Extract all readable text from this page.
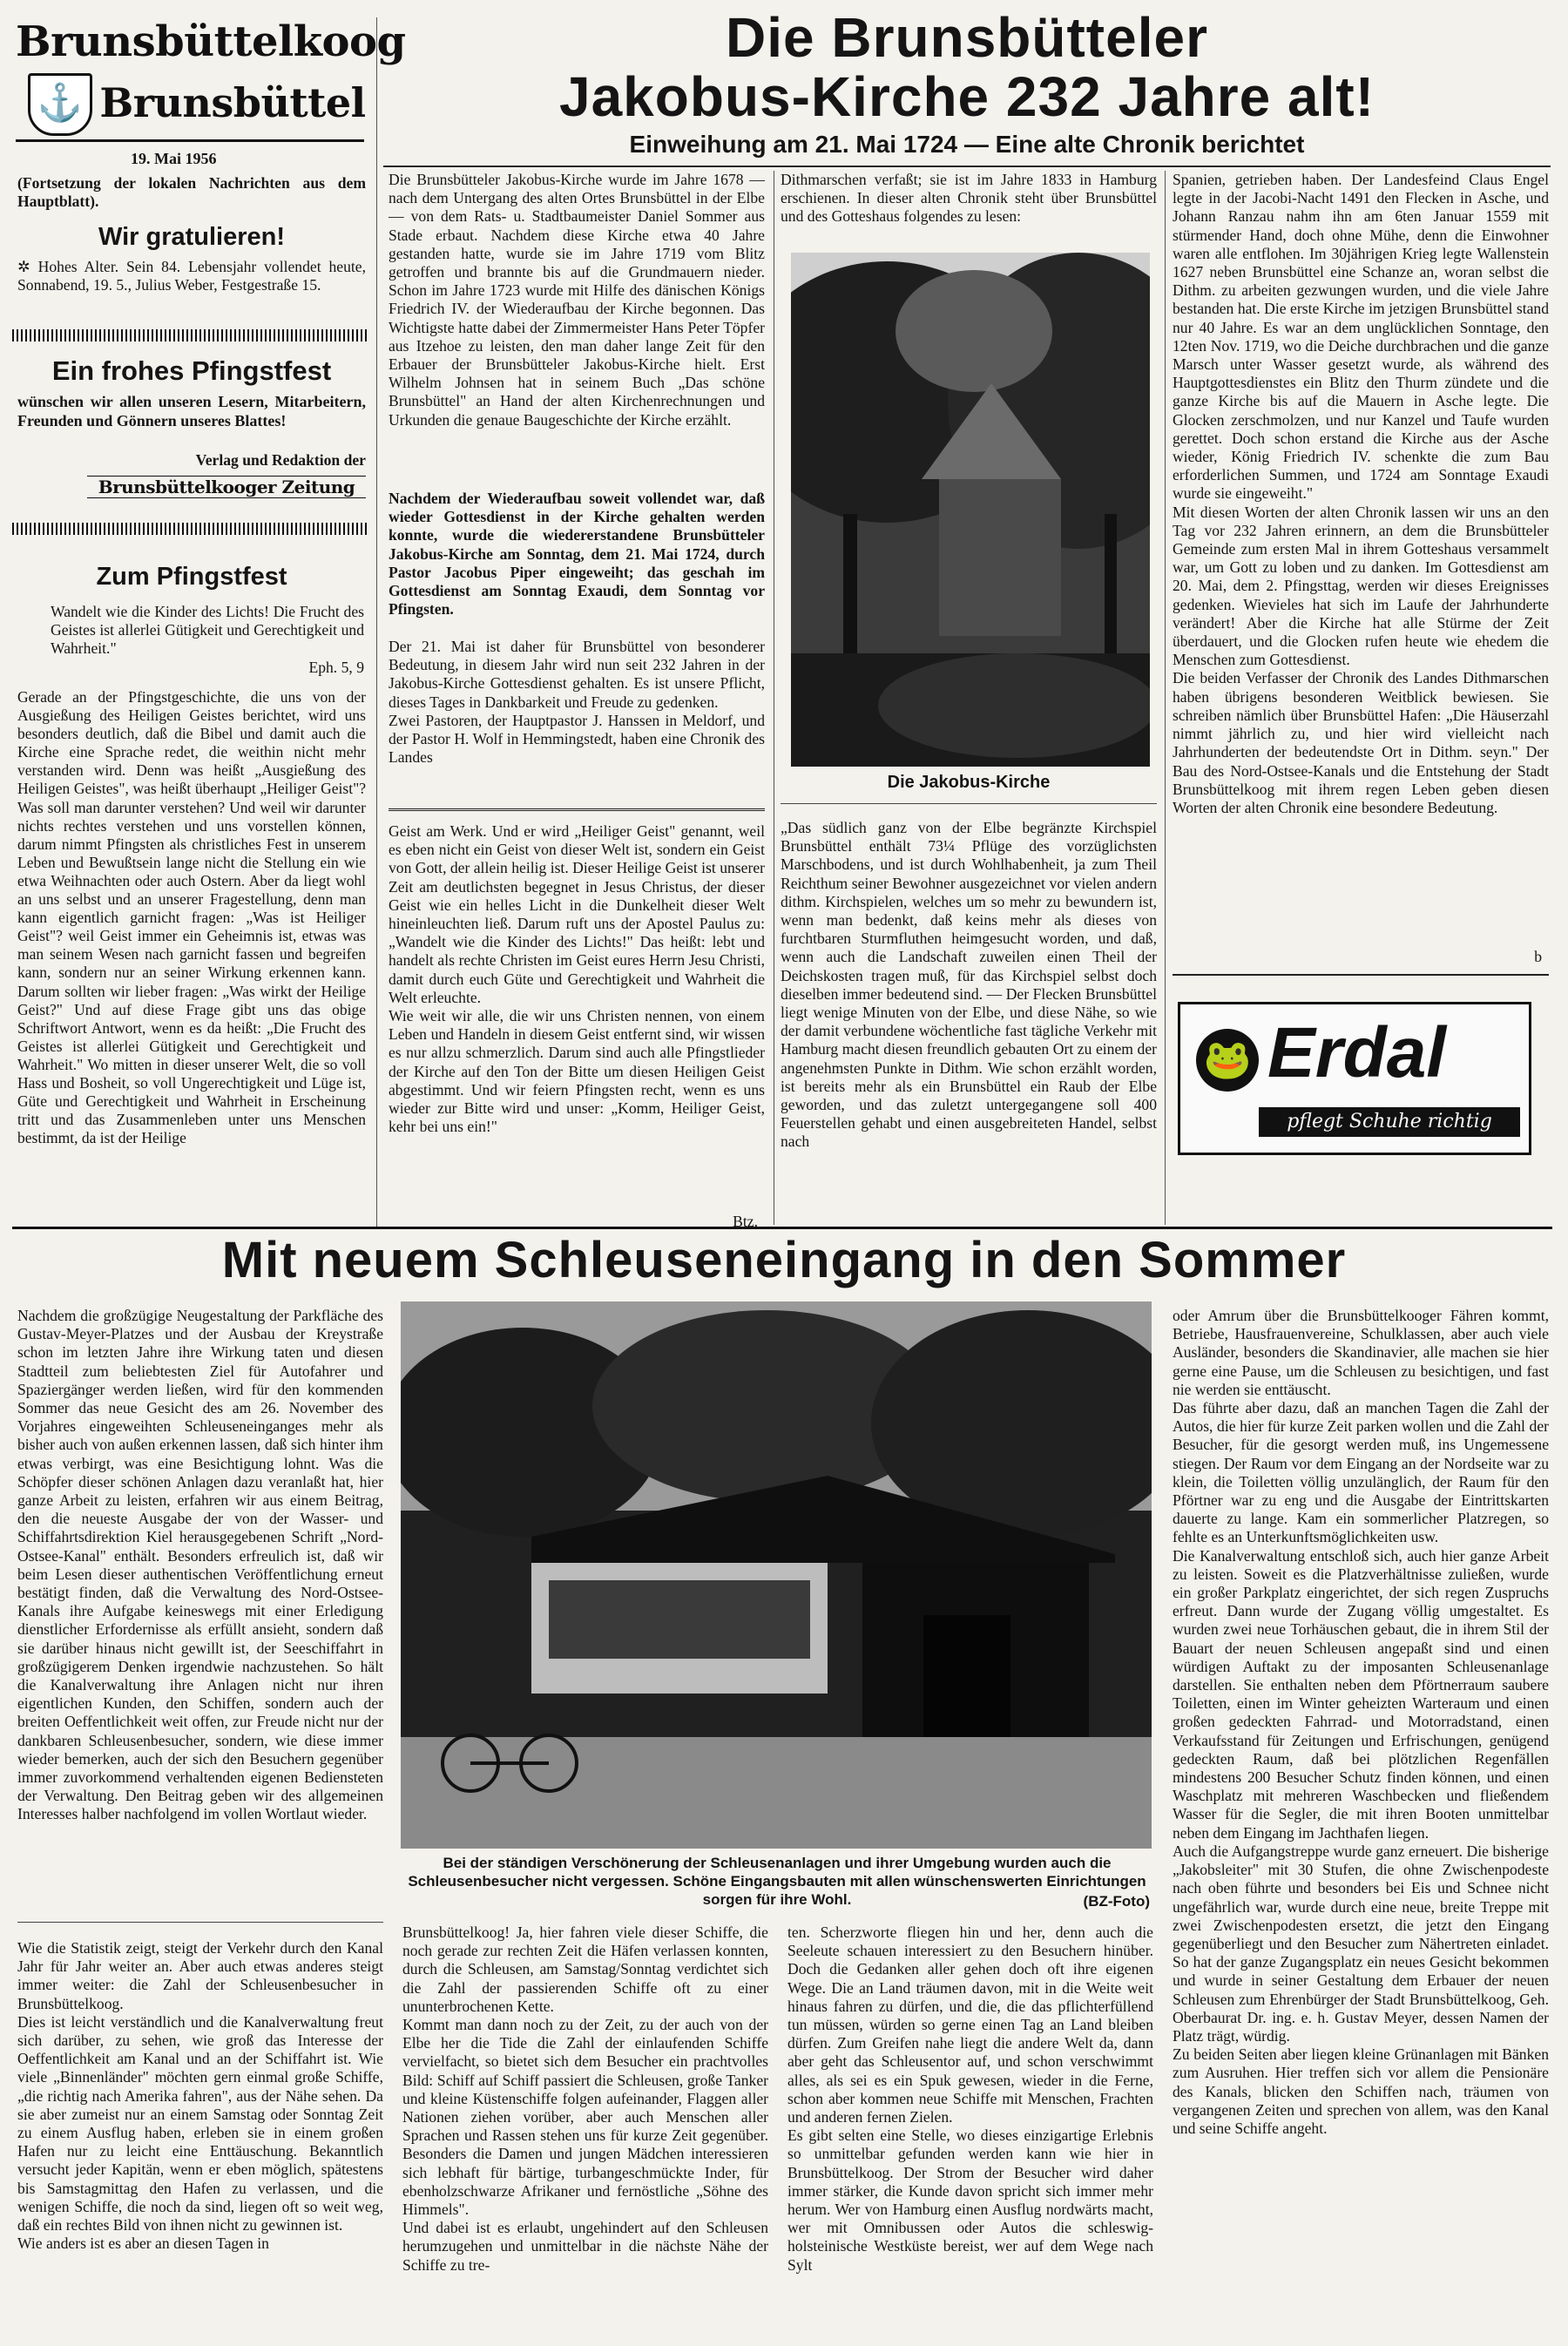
Brunsbüttelkoog
⚓ Brunsbüttel
19. Mai 1956
(Fortsetzung der lokalen Nachrichten aus dem Hauptblatt).
Wir gratulieren!
✲ Hohes Alter. Sein 84. Lebensjahr vollendet heute, Sonnabend, 19. 5., Julius Weber, Festgestraße 15.
Ein frohes Pfingstfest
wünschen wir allen unseren Lesern, Mitarbeitern, Freunden und Gönnern unseres Blattes!
Verlag und Redaktion der
Brunsbüttelkooger Zeitung
Zum Pfingstfest
Wandelt wie die Kinder des Lichts! Die Frucht des Geistes ist allerlei Gütigkeit und Gerechtigkeit und Wahrheit."
Eph. 5, 9
Gerade an der Pfingstgeschichte, die uns von der Ausgießung des Heiligen Geistes berichtet, wird uns besonders deutlich, daß die Bibel und damit auch die Kirche eine Sprache redet, die weithin nicht mehr verstanden wird. Denn was heißt „Ausgießung des Heiligen Geistes", was heißt überhaupt „Heiliger Geist"? Was soll man darunter verstehen? Und weil wir darunter nichts rechtes verstehen und uns vorstellen können, darum nimmt Pfingsten als christliches Fest in unserem Leben und Bewußtsein lange nicht die Stellung ein wie etwa Weihnachten oder auch Ostern. Aber da liegt wohl an uns selbst und an unserer Fragestellung, denn man kann eigentlich garnicht fragen: „Was ist Heiliger Geist"? weil Geist immer ein Geheimnis ist, etwas was man seinem Wesen nach garnicht fassen und begreifen kann, sondern nur an seiner Wirkung erkennen kann. Darum sollten wir lieber fragen: „Was wirkt der Heilige Geist?" Und auf diese Frage gibt uns das obige Schriftwort Antwort, wenn es da heißt: „Die Frucht des Geistes ist allerlei Gütigkeit und Gerechtigkeit und Wahrheit." Wo mitten in dieser unserer Welt, die so voll Hass und Bosheit, so voll Ungerechtigkeit und Lüge ist, Güte und Gerechtigkeit und Wahrheit in Erscheinung tritt und das Zusammenleben unter uns Menschen bestimmt, da ist der Heilige
Die Brunsbütteler
Jakobus-Kirche 232 Jahre alt!
Einweihung am 21. Mai 1724 — Eine alte Chronik berichtet
Die Brunsbütteler Jakobus-Kirche wurde im Jahre 1678 — nach dem Untergang des alten Ortes Brunsbüttel in der Elbe — von dem Rats- u. Stadtbaumeister Daniel Sommer aus Stade erbaut. Nachdem diese Kirche etwa 40 Jahre gestanden hatte, wurde sie im Jahre 1719 vom Blitz getroffen und brannte bis auf die Grundmauern nieder. Schon im Jahre 1723 wurde mit Hilfe des dänischen Königs Friedrich IV. der Wiederaufbau der Kirche begonnen. Das Wichtigste hatte dabei der Zimmermeister Hans Peter Töpfer aus Itzehoe zu leisten, den man daher lange Zeit für den Erbauer der Brunsbütteler Jakobus-Kirche hielt. Erst Wilhelm Johnsen hat in seinem Buch „Das schöne Brunsbüttel" an Hand der alten Kirchenrechnungen und Urkunden die genaue Baugeschichte der Kirche erzählt.
Nachdem der Wiederaufbau soweit vollendet war, daß wieder Gottesdienst in der Kirche gehalten werden konnte, wurde die wiedererstandene Brunsbütteler Jakobus-Kirche am Sonntag, dem 21. Mai 1724, durch Pastor Jacobus Piper eingeweiht; das geschah im Gottesdienst am Sonntag Exaudi, dem Sonntag vor Pfingsten.
Der 21. Mai ist daher für Brunsbüttel von besonderer Bedeutung, in diesem Jahr wird nun seit 232 Jahren in der Jakobus-Kirche Gottesdienst gehalten. Es ist unsere Pflicht, dieses Tages in Dankbarkeit und Freude zu gedenken.
Zwei Pastoren, der Hauptpastor J. Hanssen in Meldorf, und der Pastor H. Wolf in Hemmingstedt, haben eine Chronik des Landes
Dithmarschen verfaßt; sie ist im Jahre 1833 in Hamburg erschienen. In dieser alten Chronik steht über Brunsbüttel und des Gotteshaus folgendes zu lesen:
Die Jakobus-Kirche
„Das südlich ganz von der Elbe begränzte Kirchspiel Brunsbüttel enthält 73¼ Pflüge des vorzüglichsten Marschbodens, und ist durch Wohlhabenheit, ja zum Theil Reichthum seiner Bewohner ausgezeichnet vor vielen andern dithm. Kirchspielen, welches um so mehr zu bewundern ist, wenn man bedenkt, daß keins mehr als dieses von furchtbaren Sturmfluthen heimgesucht worden, und daß, wenn auch die Landschaft zuweilen einen Theil der Deichskosten tragen muß, für das Kirchspiel selbst doch dieselben immer bedeutend sind. — Der Flecken Brunsbüttel liegt wenige Minuten von der Elbe, und diese Nähe, so wie der damit verbundene wöchentliche fast tägliche Verkehr mit Hamburg macht diesen freundlich gebauten Ort zu einem der angenehmsten Punkte in Dithm. Wie schon erzählt worden, ist bereits mehr als ein Brunsbüttel ein Raub der Elbe geworden, und das zuletzt untergegangene soll 400 Feuerstellen gehabt und einen ausgebreiteten Handel, selbst nach
Spanien, getrieben haben. Der Landesfeind Claus Engel legte in der Jacobi-Nacht 1491 den Flecken in Asche, und Johann Ranzau nahm ihn am 6ten Januar 1559 mit stürmender Hand, doch ohne Mühe, denn die Einwohner waren alle entflohen. Im 30jährigen Krieg legte Wallenstein 1627 neben Brunsbüttel eine Schanze an, woran selbst die Dithm. zu arbeiten gezwungen wurden, und die viele Jahre bestanden hat. Die erste Kirche im jetzigen Brunsbüttel stand nur 40 Jahre. Es war an dem unglücklichen Sonntage, den 12ten Nov. 1719, wo die Deiche durchbrachen und die ganze Marsch unter Wasser gesetzt wurde, als während des Hauptgottesdienstes ein Blitz den Thurm zündete und die ganze Kirche bis auf die Mauern in Asche legte. Die Glocken zerschmolzen, und nur Kanzel und Taufe wurden gerettet. Doch schon erstand die Kirche aus der Asche wieder, König Friedrich IV. schenkte die zum Bau erforderlichen Summen, und 1724 am Sonntage Exaudi wurde sie eingeweiht."
Mit diesen Worten der alten Chronik lassen wir uns an den Tag vor 232 Jahren erinnern, an dem die Brunsbütteler Gemeinde zum ersten Mal in ihrem Gotteshaus versammelt war, um Gott zu loben und zu danken. Im Gottesdienst am 20. Mai, dem 2. Pfingsttag, werden wir dieses Ereignisses gedenken. Wievieles hat sich im Laufe der Jahrhunderte verändert! Aber die Kirche hat alle Stürme der Zeit überdauert, und die Glocken rufen heute wie ehedem die Menschen zum Gottesdienst.
Die beiden Verfasser der Chronik des Landes Dithmarschen haben übrigens besonderen Weitblick bewiesen. Sie schreiben nämlich über Brunsbüttel Hafen: „Die Häuserzahl nimmt jährlich zu, und hier wird vielleicht nach Jahrhunderten der bedeutendste Ort in Dithm. seyn." Der Bau des Nord-Ostsee-Kanals und die Entstehung der Stadt Brunsbüttelkoog mit ihrem regen Leben geben diesen Worten der alten Chronik eine besondere Bedeutung.
b
Geist am Werk. Und er wird „Heiliger Geist" genannt, weil es eben nicht ein Geist von dieser Welt ist, sondern ein Geist von Gott, der allein heilig ist. Dieser Heilige Geist ist unserer Zeit am deutlichsten begegnet in Jesus Christus, der dieser Geist wie ein helles Licht in die Dunkelheit dieser Welt hineinleuchten ließ. Darum ruft uns der Apostel Paulus zu: „Wandelt wie die Kinder des Lichts!" Das heißt: lebt und handelt als rechte Christen im Geist eures Herrn Jesu Christi, damit durch euch Güte und Gerechtigkeit und Wahrheit die Welt erleuchte.
Wie weit wir alle, die wir uns Christen nennen, von einem Leben und Handeln in diesem Geist entfernt sind, wir wissen es nur allzu schmerzlich. Darum sind auch alle Pfingstlieder der Kirche auf den Ton der Bitte um diesen Heiligen Geist abgestimmt. Und wir feiern Pfingsten recht, wenn es uns wieder zur Bitte wird und unser: „Komm, Heiliger Geist, kehr bei uns ein!"
Btz.
🐸 Erdal
pflegt Schuhe richtig
Mit neuem Schleuseneingang in den Sommer
Nachdem die großzügige Neugestaltung der Parkfläche des Gustav-Meyer-Platzes und der Ausbau der Kreystraße schon im letzten Jahre ihre Wirkung taten und diesen Stadtteil zum beliebtesten Ziel für Autofahrer und Spaziergänger werden ließen, wird für den kommenden Sommer das neue Gesicht des am 26. November des Vorjahres eingeweihten Schleuseneinganges mehr als bisher auch von außen erkennen lassen, daß sich hinter ihm etwas verbirgt, was eine Besichtigung lohnt. Was die Schöpfer dieser schönen Anlagen dazu veranlaßt hat, hier ganze Arbeit zu leisten, erfahren wir aus einem Beitrag, den die neueste Ausgabe der von der Wasser- und Schiffahrtsdirektion Kiel herausgegebenen Schrift „Nord-Ostsee-Kanal" enthält. Besonders erfreulich ist, daß wir beim Lesen dieser authentischen Veröffentlichung erneut bestätigt finden, daß die Verwaltung des Nord-Ostsee-Kanals ihre Aufgabe keineswegs mit einer Erledigung dienstlicher Erfordernisse als erfüllt ansieht, sondern daß sie darüber hinaus nicht gewillt ist, der Seeschiffahrt in großzügigerem Denken irgendwie nachzustehen. So hält die Kanalverwaltung ihre Anlagen nicht nur ihren eigentlichen Kunden, den Schiffen, sondern auch der breiten Oeffentlichkeit weit offen, zur Freude nicht nur der dankbaren Schleusenbesucher, sondern, wie diese immer wieder bemerken, auch der sich den Besuchern gegenüber immer zuvorkommend verhaltenden eigenen Bediensteten der Verwaltung. Den Beitrag geben wir des allgemeinen Interesses halber nachfolgend im vollen Wortlaut wieder.
Bei der ständigen Verschönerung der Schleusenanlagen und ihrer Umgebung wurden auch die Schleusenbesucher nicht vergessen. Schöne Eingangsbauten mit allen wünschenswerten Einrichtungen sorgen für ihre Wohl.	(BZ-Foto)
oder Amrum über die Brunsbüttelkooger Fähren kommt, Betriebe, Hausfrauenvereine, Schulklassen, aber auch viele Ausländer, besonders die Skandinavier, alle machen sie hier gerne eine Pause, um die Schleusen zu besichtigen, und fast nie werden sie enttäuscht.
Das führte aber dazu, daß an manchen Tagen die Zahl der Autos, die hier für kurze Zeit parken wollen und die Zahl der Besucher, für die gesorgt werden muß, ins Ungemessene stiegen. Der Raum vor dem Eingang an der Nordseite war zu klein, die Toiletten völlig unzulänglich, der Raum für den Pförtner war zu eng und die Ausgabe der Eintrittskarten dauerte zu lange. Kam ein sommerlicher Platzregen, so fehlte es an Unterkunftsmöglichkeiten usw.
Die Kanalverwaltung entschloß sich, auch hier ganze Arbeit zu leisten. Soweit es die Platzverhältnisse zuließen, wurde ein großer Parkplatz eingerichtet, der sich regen Zuspruchs erfreut. Dann wurde der Zugang völlig umgestaltet. Es wurden zwei neue Torhäuschen gebaut, die in ihrem Stil der Bauart der neuen Schleusen angepaßt sind und einen würdigen Auftakt zu der imposanten Schleusenanlage darstellen. Sie enthalten neben dem Pförtnerraum saubere Toiletten, einen im Winter geheizten Warteraum und einen großen gedeckten Fahrrad- und Motorradstand, einen Verkaufsstand für Zeitungen und Erfrischungen, genügend gedeckten Raum, daß bei plötzlichen Regenfällen mindestens 200 Besucher Schutz finden können, und einen Waschplatz mit mehreren Waschbecken und fließendem Wasser für die Segler, die mit ihren Booten unmittelbar neben dem Eingang im Jachthafen liegen.
Auch die Aufgangstreppe wurde ganz erneuert. Die bisherige „Jakobsleiter" mit 30 Stufen, die ohne Zwischenpodeste nach oben führte und besonders bei Eis und Schnee nicht ungefährlich war, wurde durch eine neue, breite Treppe mit zwei Zwischenpodesten ersetzt, die jetzt den Eingang gegenüberliegt und den Besucher zum Nähertreten einladet. So hat der ganze Zugangsplatz ein neues Gesicht bekommen und wurde in seiner Gestaltung dem Erbauer der neuen Schleusen zum Ehrenbürger der Stadt Brunsbüttelkoog, Geh. Oberbaurat Dr. ing. e. h. Gustav Meyer, dessen Namen der Platz trägt, würdig.
Zu beiden Seiten aber liegen kleine Grünanlagen mit Bänken zum Ausruhen. Hier treffen sich vor allem die Pensionäre des Kanals, blicken den Schiffen nach, träumen von vergangenen Zeiten und sprechen von allem, was den Kanal und seine Schiffe angeht.
Wie die Statistik zeigt, steigt der Verkehr durch den Kanal Jahr für Jahr weiter an. Aber auch etwas anderes steigt immer weiter: die Zahl der Schleusenbesucher in Brunsbüttelkoog.
Dies ist leicht verständlich und die Kanalverwaltung freut sich darüber, zu sehen, wie groß das Interesse der Oeffentlichkeit am Kanal und an der Schiffahrt ist. Wie viele „Binnenländer" möchten gern einmal große Schiffe, „die richtig nach Amerika fahren", aus der Nähe sehen. Da sie aber zumeist nur an einem Samstag oder Sonntag Zeit zu einem Ausflug haben, erleben sie in einem großen Hafen nur zu leicht eine Enttäuschung. Bekanntlich versucht jeder Kapitän, wenn er eben möglich, spätestens bis Samstagmittag den Hafen zu verlassen, und die wenigen Schiffe, die noch da sind, liegen oft so weit weg, daß ein rechtes Bild von ihnen nicht zu gewinnen ist.
Wie anders ist es aber an diesen Tagen in
Brunsbüttelkoog! Ja, hier fahren viele dieser Schiffe, die noch gerade zur rechten Zeit die Häfen verlassen konnten, durch die Schleusen, am Samstag/Sonntag verdichtet sich die Zahl der passierenden Schiffe oft zu einer ununterbrochenen Kette.
Kommt man dann noch zu der Zeit, zu der auch von der Elbe her die Tide die Zahl der einlaufenden Schiffe vervielfacht, so bietet sich dem Besucher ein prachtvolles Bild: Schiff auf Schiff passiert die Schleusen, große Tanker und kleine Küstenschiffe folgen aufeinander, Flaggen aller Nationen ziehen vorüber, aber auch Menschen aller Sprachen und Rassen stehen uns für kurze Zeit gegenüber. Besonders die Damen und jungen Mädchen interessieren sich lebhaft für bärtige, turbangeschmückte Inder, für ebenholzschwarze Afrikaner und fernöstliche „Söhne des Himmels".
Und dabei ist es erlaubt, ungehindert auf den Schleusen herumzugehen und unmittelbar in die nächste Nähe der Schiffe zu tre-
ten. Scherzworte fliegen hin und her, denn auch die Seeleute schauen interessiert zu den Besuchern hinüber. Doch die Gedanken aller gehen doch oft ihre eigenen Wege. Die an Land träumen davon, mit in die Weite weit hinaus fahren zu dürfen, und die, die das pflichterfüllend tun müssen, würden so gerne einen Tag an Land bleiben dürfen. Zum Greifen nahe liegt die andere Welt da, dann aber geht das Schleusentor auf, und schon verschwimmt alles, als sei es ein Spuk gewesen, wieder in die Ferne, schon aber kommen neue Schiffe mit Menschen, Frachten und anderen fernen Zielen.
Es gibt selten eine Stelle, wo dieses einzigartige Erlebnis so unmittelbar gefunden werden kann wie hier in Brunsbüttelkoog. Der Strom der Besucher wird daher immer stärker, die Kunde davon spricht sich immer mehr herum. Wer von Hamburg einen Ausflug nordwärts macht, wer mit Omnibussen oder Autos die schleswig-holsteinische Westküste bereist, wer auf dem Wege nach Sylt
